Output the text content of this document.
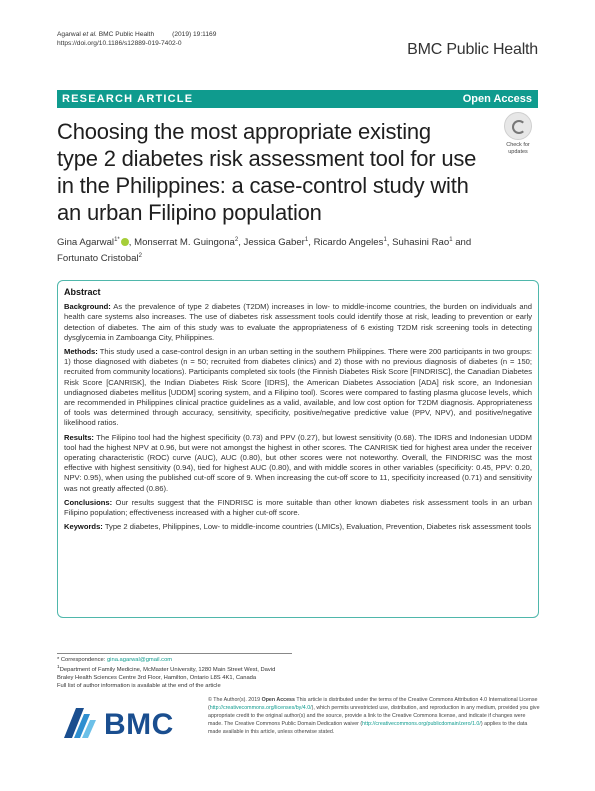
Agarwal et al. BMC Public Health	(2019) 19:1169
https://doi.org/10.1186/s12889-019-7402-0	BMC Public Health
RESEARCH ARTICLE	Open Access
Choosing the most appropriate existing type 2 diabetes risk assessment tool for use in the Philippines: a case-control study with an urban Filipino population
Check for
updates
Gina Agarwal$^{1*}$ , Monserrat M. Guingona$^2$, Jessica Gaber$^1$, Ricardo Angeles$^1$, Suhasini Rao$^1$ and Fortunato Cristobal$^2$
Abstract

Background: As the prevalence of type 2 diabetes (T2DM) increases in low- to middle-income countries, the burden on individuals and health care systems also increases. The use of diabetes risk assessment tools could identify those at risk, leading to prevention or early detection of diabetes. The aim of this study was to evaluate the appropriateness of 6 existing T2DM risk screening tools in detecting dysglycemia in Zamboanga City, Philippines.

Methods: This study used a case-control design in an urban setting in the southern Philippines. There were 200 participants in two groups: 1) those diagnosed with diabetes (n = 50; recruited from diabetes clinics) and 2) those with no previous diagnosis of diabetes (n = 150; recruited from community locations). Participants completed six tools (the Finnish Diabetes Risk Score [FINDRISC], the Canadian Diabetes Risk Score [CANRISK], the Indian Diabetes Risk Score [IDRS], the American Diabetes Association [ADA] risk score, an Indonesian undiagnosed diabetes mellitus [UDDM] scoring system, and a Filipino tool). Scores were compared to fasting plasma glucose levels, which are recommended in Philippines clinical practice guidelines as a valid, available, and low cost option for T2DM diagnosis. Appropriateness of tools was determined through accuracy, sensitivity, specificity, positive/negative predictive value (PPV, NPV), and positive/negative likelihood ratios.

Results: The Filipino tool had the highest specificity (0.73) and PPV (0.27), but lowest sensitivity (0.68). The IDRS and Indonesian UDDM tool had the highest NPV at 0.96, but were not amongst the highest in other scores. The CANRISK tied for highest area under the receiver operating characteristic (ROC) curve (AUC), AUC (0.80), but other scores were not noteworthy. Overall, the FINDRISC was the most effective with highest sensitivity (0.94), tied for highest AUC (0.80), and with middle scores in other variables (specificity: 0.45, PPV: 0.20, NPV: 0.95), when using the published cut-off score of 9. When increasing the cut-off score to 11, specificity increased (0.71) and sensitivity was not greatly affected (0.86).

Conclusions: Our results suggest that the FINDRISC is more suitable than other known diabetes risk assessment tools in an urban Filipino population; effectiveness increased with a higher cut-off score.

Keywords: Type 2 diabetes, Philippines, Low- to middle-income countries (LMICs), Evaluation, Prevention, Diabetes risk assessment tools

* Correspondence: gina.agarwal@gmail.com
$^1$Department of Family Medicine, McMaster University, 1280 Main Street West, David Braley Health Sciences Centre 3rd Floor, Hamilton, Ontario L8S 4K1, Canada
Full list of author information is available at the end of the article
BMC
© The Author(s). 2019 Open Access This article is distributed under the terms of the Creative Commons Attribution 4.0 International License (http://creativecommons.org/licenses/by/4.0/), which permits unrestricted use, distribution, and reproduction in any medium, provided you give appropriate credit to the original author(s) and the source, provide a link to the Creative Commons license, and indicate if changes were made. The Creative Commons Public Domain Dedication waiver (http://creativecommons.org/publicdomain/zero/1.0/) applies to the data made available in this article, unless otherwise stated.
